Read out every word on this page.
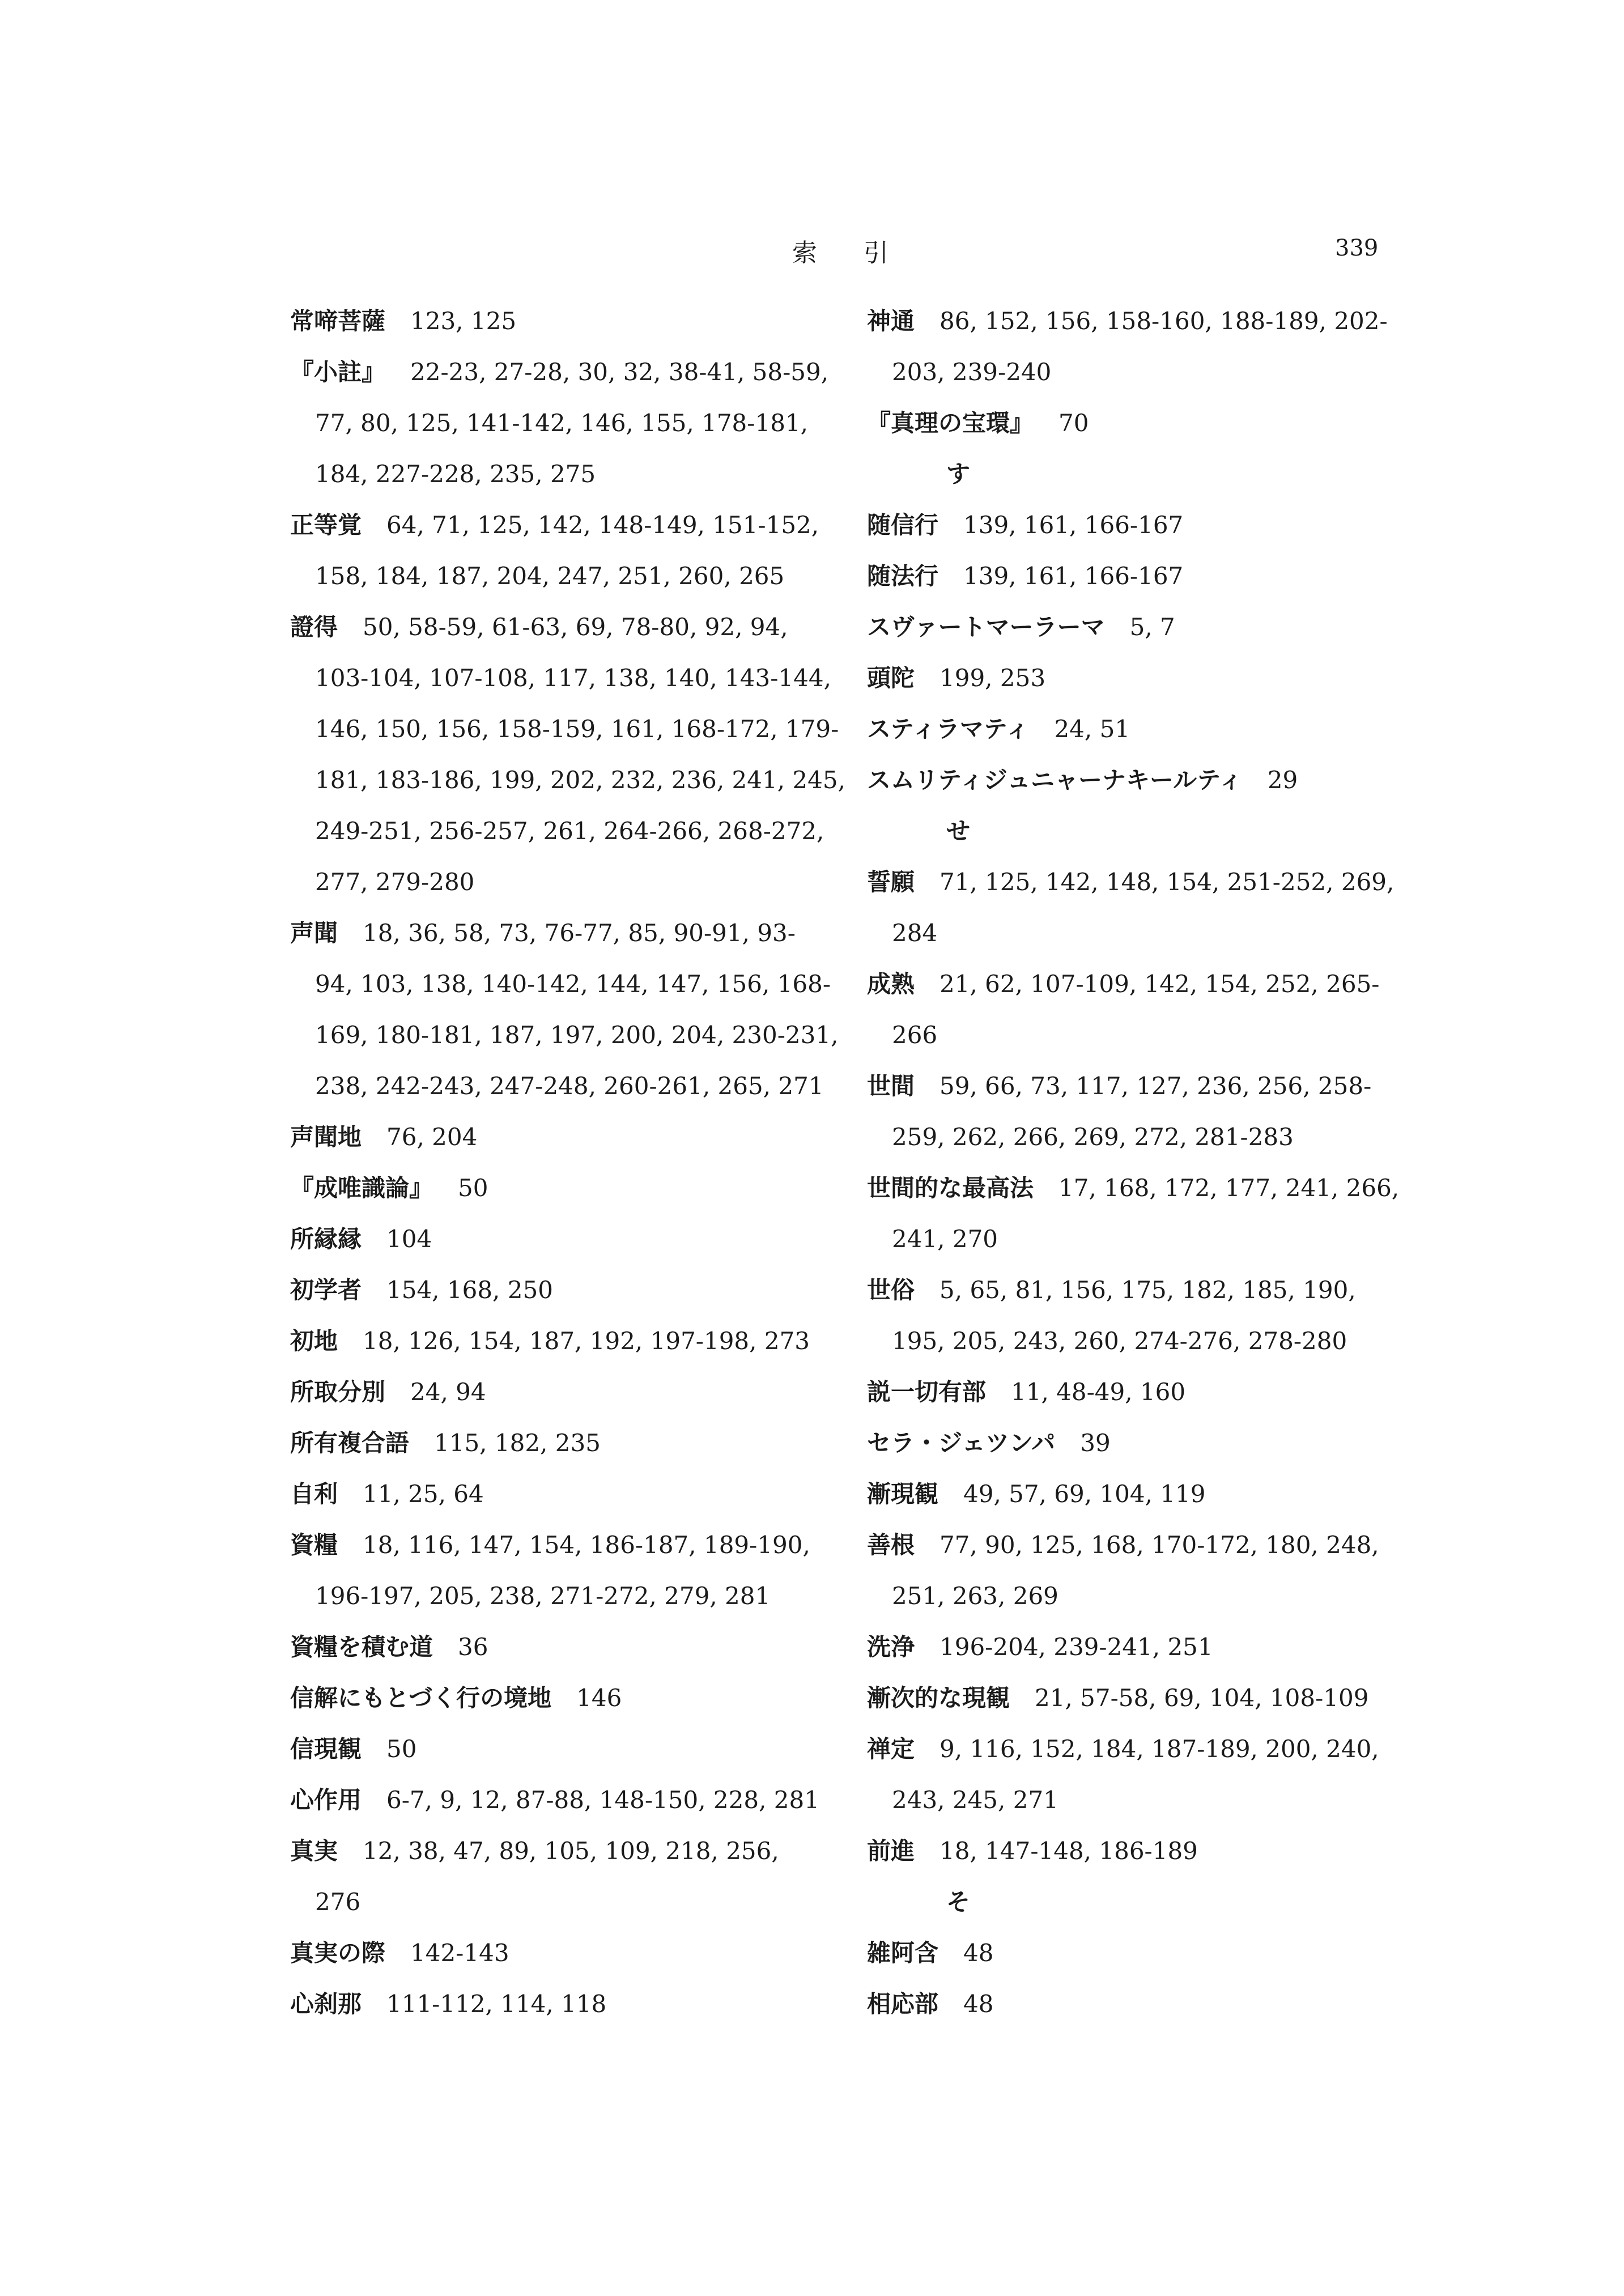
索引	339
常啼菩薩 123, 125
『小註』 22-23, 27-28, 30, 32, 38-41, 58-59,
77, 80, 125, 141-142, 146, 155, 178-181,
184, 227-228, 235, 275
正等覚 64, 71, 125, 142, 148-149, 151-152,
158, 184, 187, 204, 247, 251, 260, 265
證得 50, 58-59, 61-63, 69, 78-80, 92, 94,
103-104, 107-108, 117, 138, 140, 143-144,
146, 150, 156, 158-159, 161, 168-172, 179-
181, 183-186, 199, 202, 232, 236, 241, 245,
249-251, 256-257, 261, 264-266, 268-272,
277, 279-280
声聞 18, 36, 58, 73, 76-77, 85, 90-91, 93-
94, 103, 138, 140-142, 144, 147, 156, 168-
169, 180-181, 187, 197, 200, 204, 230-231,
238, 242-243, 247-248, 260-261, 265, 271
声聞地 76, 204
『成唯識論』 50
所縁縁 104
初学者 154, 168, 250
初地 18, 126, 154, 187, 192, 197-198, 273
所取分別 24, 94
所有複合語 115, 182, 235
自利 11, 25, 64
資糧 18, 116, 147, 154, 186-187, 189-190,
196-197, 205, 238, 271-272, 279, 281
資糧を積む道 36
信解にもとづく行の境地 146
信現観 50
心作用 6-7, 9, 12, 87-88, 148-150, 228, 281
真実 12, 38, 47, 89, 105, 109, 218, 256,
276
真実の際 142-143
心刹那 111-112, 114, 118
神通 86, 152, 156, 158-160, 188-189, 202-
203, 239-240
『真理の宝環』 70
す
随信行 139, 161, 166-167
随法行 139, 161, 166-167
スヴァートマーラーマ 5, 7
頭陀 199, 253
スティラマティ 24, 51
スムリティジュニャーナキールティ 29
せ
誓願 71, 125, 142, 148, 154, 251-252, 269,
284
成熟 21, 62, 107-109, 142, 154, 252, 265-
266
世間 59, 66, 73, 117, 127, 236, 256, 258-
259, 262, 266, 269, 272, 281-283
世間的な最高法 17, 168, 172, 177, 241, 266,
241, 270
世俗 5, 65, 81, 156, 175, 182, 185, 190,
195, 205, 243, 260, 274-276, 278-280
説一切有部 11, 48-49, 160
セラ・ジェツンパ 39
漸現観 49, 57, 69, 104, 119
善根 77, 90, 125, 168, 170-172, 180, 248,
251, 263, 269
洗浄 196-204, 239-241, 251
漸次的な現観 21, 57-58, 69, 104, 108-109
禅定 9, 116, 152, 184, 187-189, 200, 240,
243, 245, 271
前進 18, 147-148, 186-189
そ
雑阿含 48
相応部 48
